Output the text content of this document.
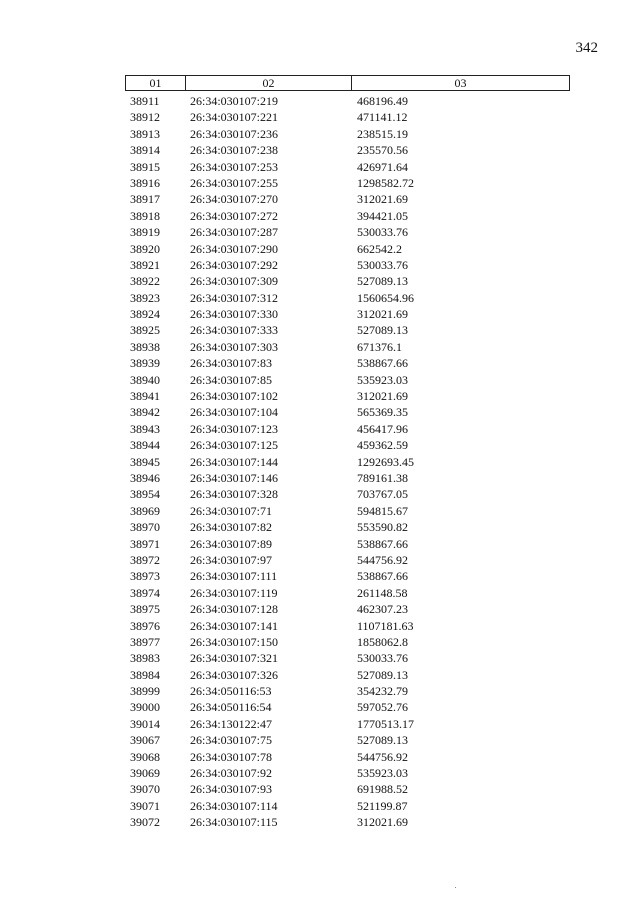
342
01	02	03
38911	26:34:030107:219	468196.49
38912	26:34:030107:221	471141.12
38913	26:34:030107:236	238515.19
38914	26:34:030107:238	235570.56
38915	26:34:030107:253	426971.64
38916	26:34:030107:255	1298582.72
38917	26:34:030107:270	312021.69
38918	26:34:030107:272	394421.05
38919	26:34:030107:287	530033.76
38920	26:34:030107:290	662542.2
38921	26:34:030107:292	530033.76
38922	26:34:030107:309	527089.13
38923	26:34:030107:312	1560654.96
38924	26:34:030107:330	312021.69
38925	26:34:030107:333	527089.13
38938	26:34:030107:303	671376.1
38939	26:34:030107:83	538867.66
38940	26:34:030107:85	535923.03
38941	26:34:030107:102	312021.69
38942	26:34:030107:104	565369.35
38943	26:34:030107:123	456417.96
38944	26:34:030107:125	459362.59
38945	26:34:030107:144	1292693.45
38946	26:34:030107:146	789161.38
38954	26:34:030107:328	703767.05
38969	26:34:030107:71	594815.67
38970	26:34:030107:82	553590.82
38971	26:34:030107:89	538867.66
38972	26:34:030107:97	544756.92
38973	26:34:030107:111	538867.66
38974	26:34:030107:119	261148.58
38975	26:34:030107:128	462307.23
38976	26:34:030107:141	1107181.63
38977	26:34:030107:150	1858062.8
38983	26:34:030107:321	530033.76
38984	26:34:030107:326	527089.13
38999	26:34:050116:53	354232.79
39000	26:34:050116:54	597052.76
39014	26:34:130122:47	1770513.17
39067	26:34:030107:75	527089.13
39068	26:34:030107:78	544756.92
39069	26:34:030107:92	535923.03
39070	26:34:030107:93	691988.52
39071	26:34:030107:114	521199.87
39072	26:34:030107:115	312021.69
